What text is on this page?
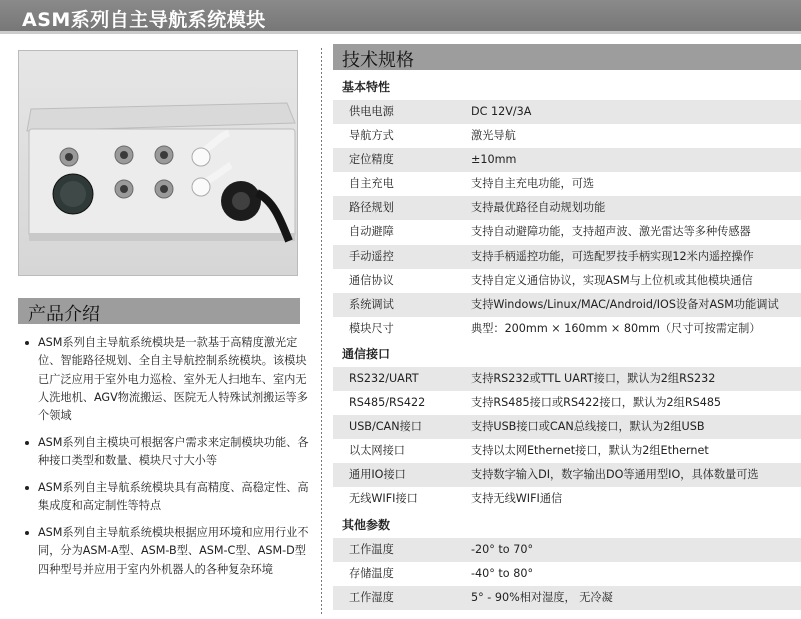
ASM系列自主导航系统模块
产品介绍
ASM系列自主导航系统模块是一款基于高精度激光定位、智能路径规划、全自主导航控制系统模块。该模块已广泛应用于室外电力巡检、室外无人扫地车、室内无人洗地机、AGV物流搬运、医院无人特殊试剂搬运等多个领域
ASM系列自主模块可根据客户需求来定制模块功能、各种接口类型和数量、模块尺寸大小等
ASM系列自主导航系统模块具有高精度、高稳定性、高集成度和高定制性等特点
ASM系列自主导航系统模块根据应用环境和应用行业不同，分为ASM-A型、ASM-B型、ASM-C型、ASM-D型四种型号并应用于室内外机器人的各种复杂环境
技术规格
基本特性
供电电源	DC 12V/3A
导航方式	激光导航
定位精度	±10mm
自主充电	支持自主充电功能，可选
路径规划	支持最优路径自动规划功能
自动避障	支持自动避障功能，支持超声波、激光雷达等多种传感器
手动遥控	支持手柄遥控功能，可选配罗技手柄实现12米内遥控操作
通信协议	支持自定义通信协议，实现ASM与上位机或其他模块通信
系统调试	支持Windows/Linux/MAC/Android/IOS设备对ASM功能调试
模块尺寸	典型：200mm × 160mm × 80mm（尺寸可按需定制）
通信接口
RS232/UART	支持RS232或TTL UART接口，默认为2组RS232
RS485/RS422	支持RS485接口或RS422接口，默认为2组RS485
USB/CAN接口	支持USB接口或CAN总线接口，默认为2组USB
以太网接口	支持以太网Ethernet接口，默认为2组Ethernet
通用IO接口	支持数字输入DI，数字输出DO等通用型IO，具体数量可选
无线WIFI接口	支持无线WIFI通信
其他参数
工作温度	-20° to 70°
存储温度	-40° to 80°
工作湿度	5° - 90%相对湿度， 无冷凝
